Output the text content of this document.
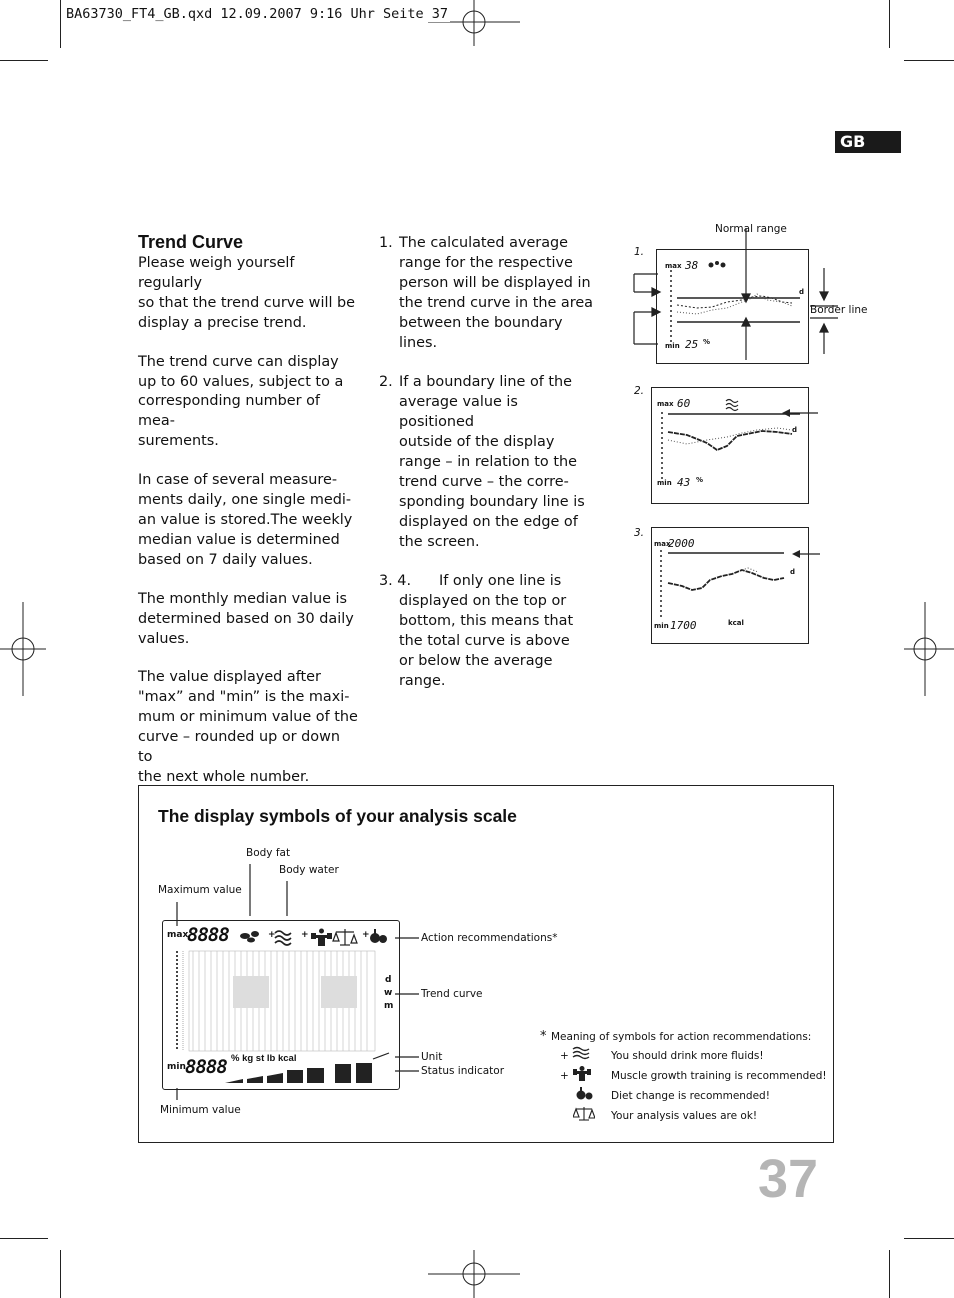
BA63730_FT4_GB.qxd 12.09.2007 9:16 Uhr Seite 37
GB
Trend Curve
Please weigh yourself regularly
so that the trend curve will be
display a precise trend.
The trend curve can display
up to 60 values, subject to a
corresponding number of mea-
surements.
In case of several measure-
ments daily, one single medi-
an value is stored.The weekly
median value is determined
based on 7 daily values.
The monthly median value is
determined based on 30 daily
values.
The value displayed after
"max” and "min” is the maxi-
mum or minimum value of the
curve – rounded up or down to
the next whole number.
1. The calculated average
range for the respective
person will be displayed in
the trend curve in the area
between the boundary
lines.
2. If a boundary line of the
average value is positioned
outside of the display
range – in relation to the
trend curve – the corre-
sponding boundary line is
displayed on the edge of
the screen.
3. 4.	If only one line is
displayed on the top or
bottom, this means that
the total curve is above
or below the average
range.
Normal range
Border line
1.
max 38
min 25 %
d
2.
max 60
min 43 %
d
3.
max
2000
min 1700	kcal
d
The display symbols of your analysis scale
Body fat
Body water
Maximum value
Minimum value
Action recommendations*
Trend curve
Unit
Status indicator
max
8888
min 8888 % kg st lb kcal
d
w
m
+	+	+
* Meaning of symbols for action recommendations:
+	You should drink more fluids!
+	Muscle growth training is recommended!
Diet change is recommended!
Your analysis values are ok!
37
